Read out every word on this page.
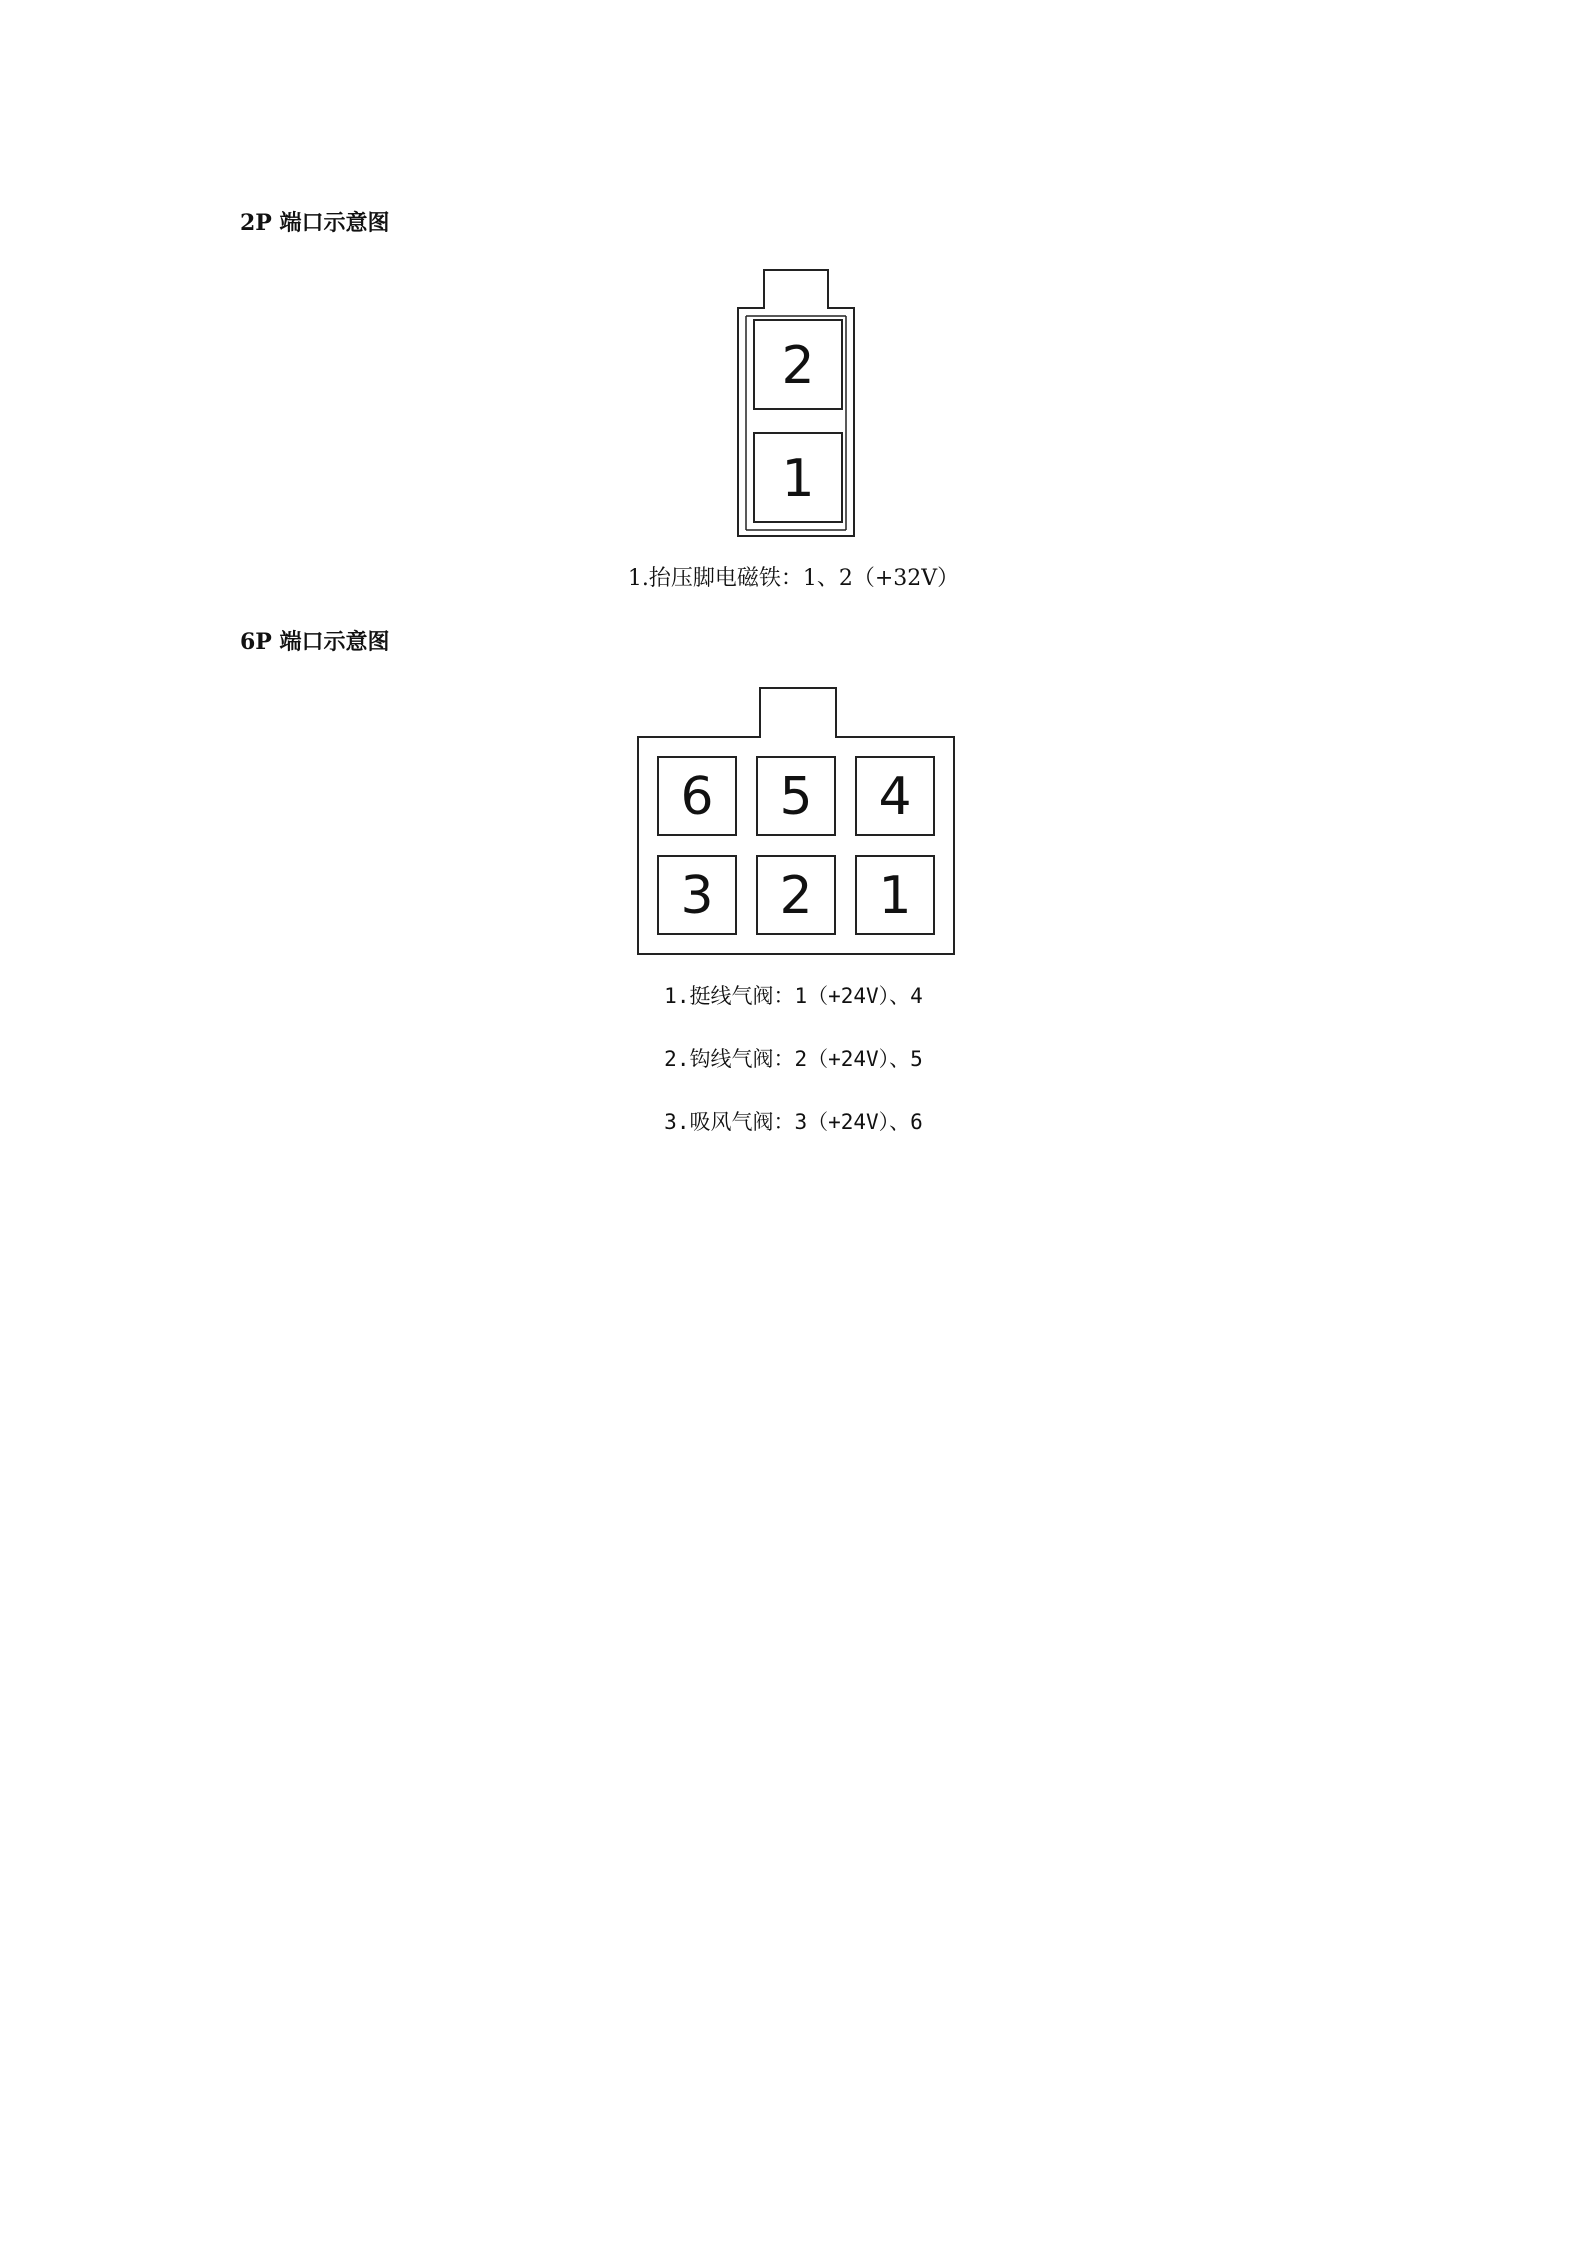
2P 端口示意图
2
1
1.抬压脚电磁铁：1、2（+32V）
6P 端口示意图
6 5 4
3 2 1
1.挺线气阀：1（+24V）、4
2.钩线气阀：2（+24V）、5
3.吸风气阀：3（+24V）、6
